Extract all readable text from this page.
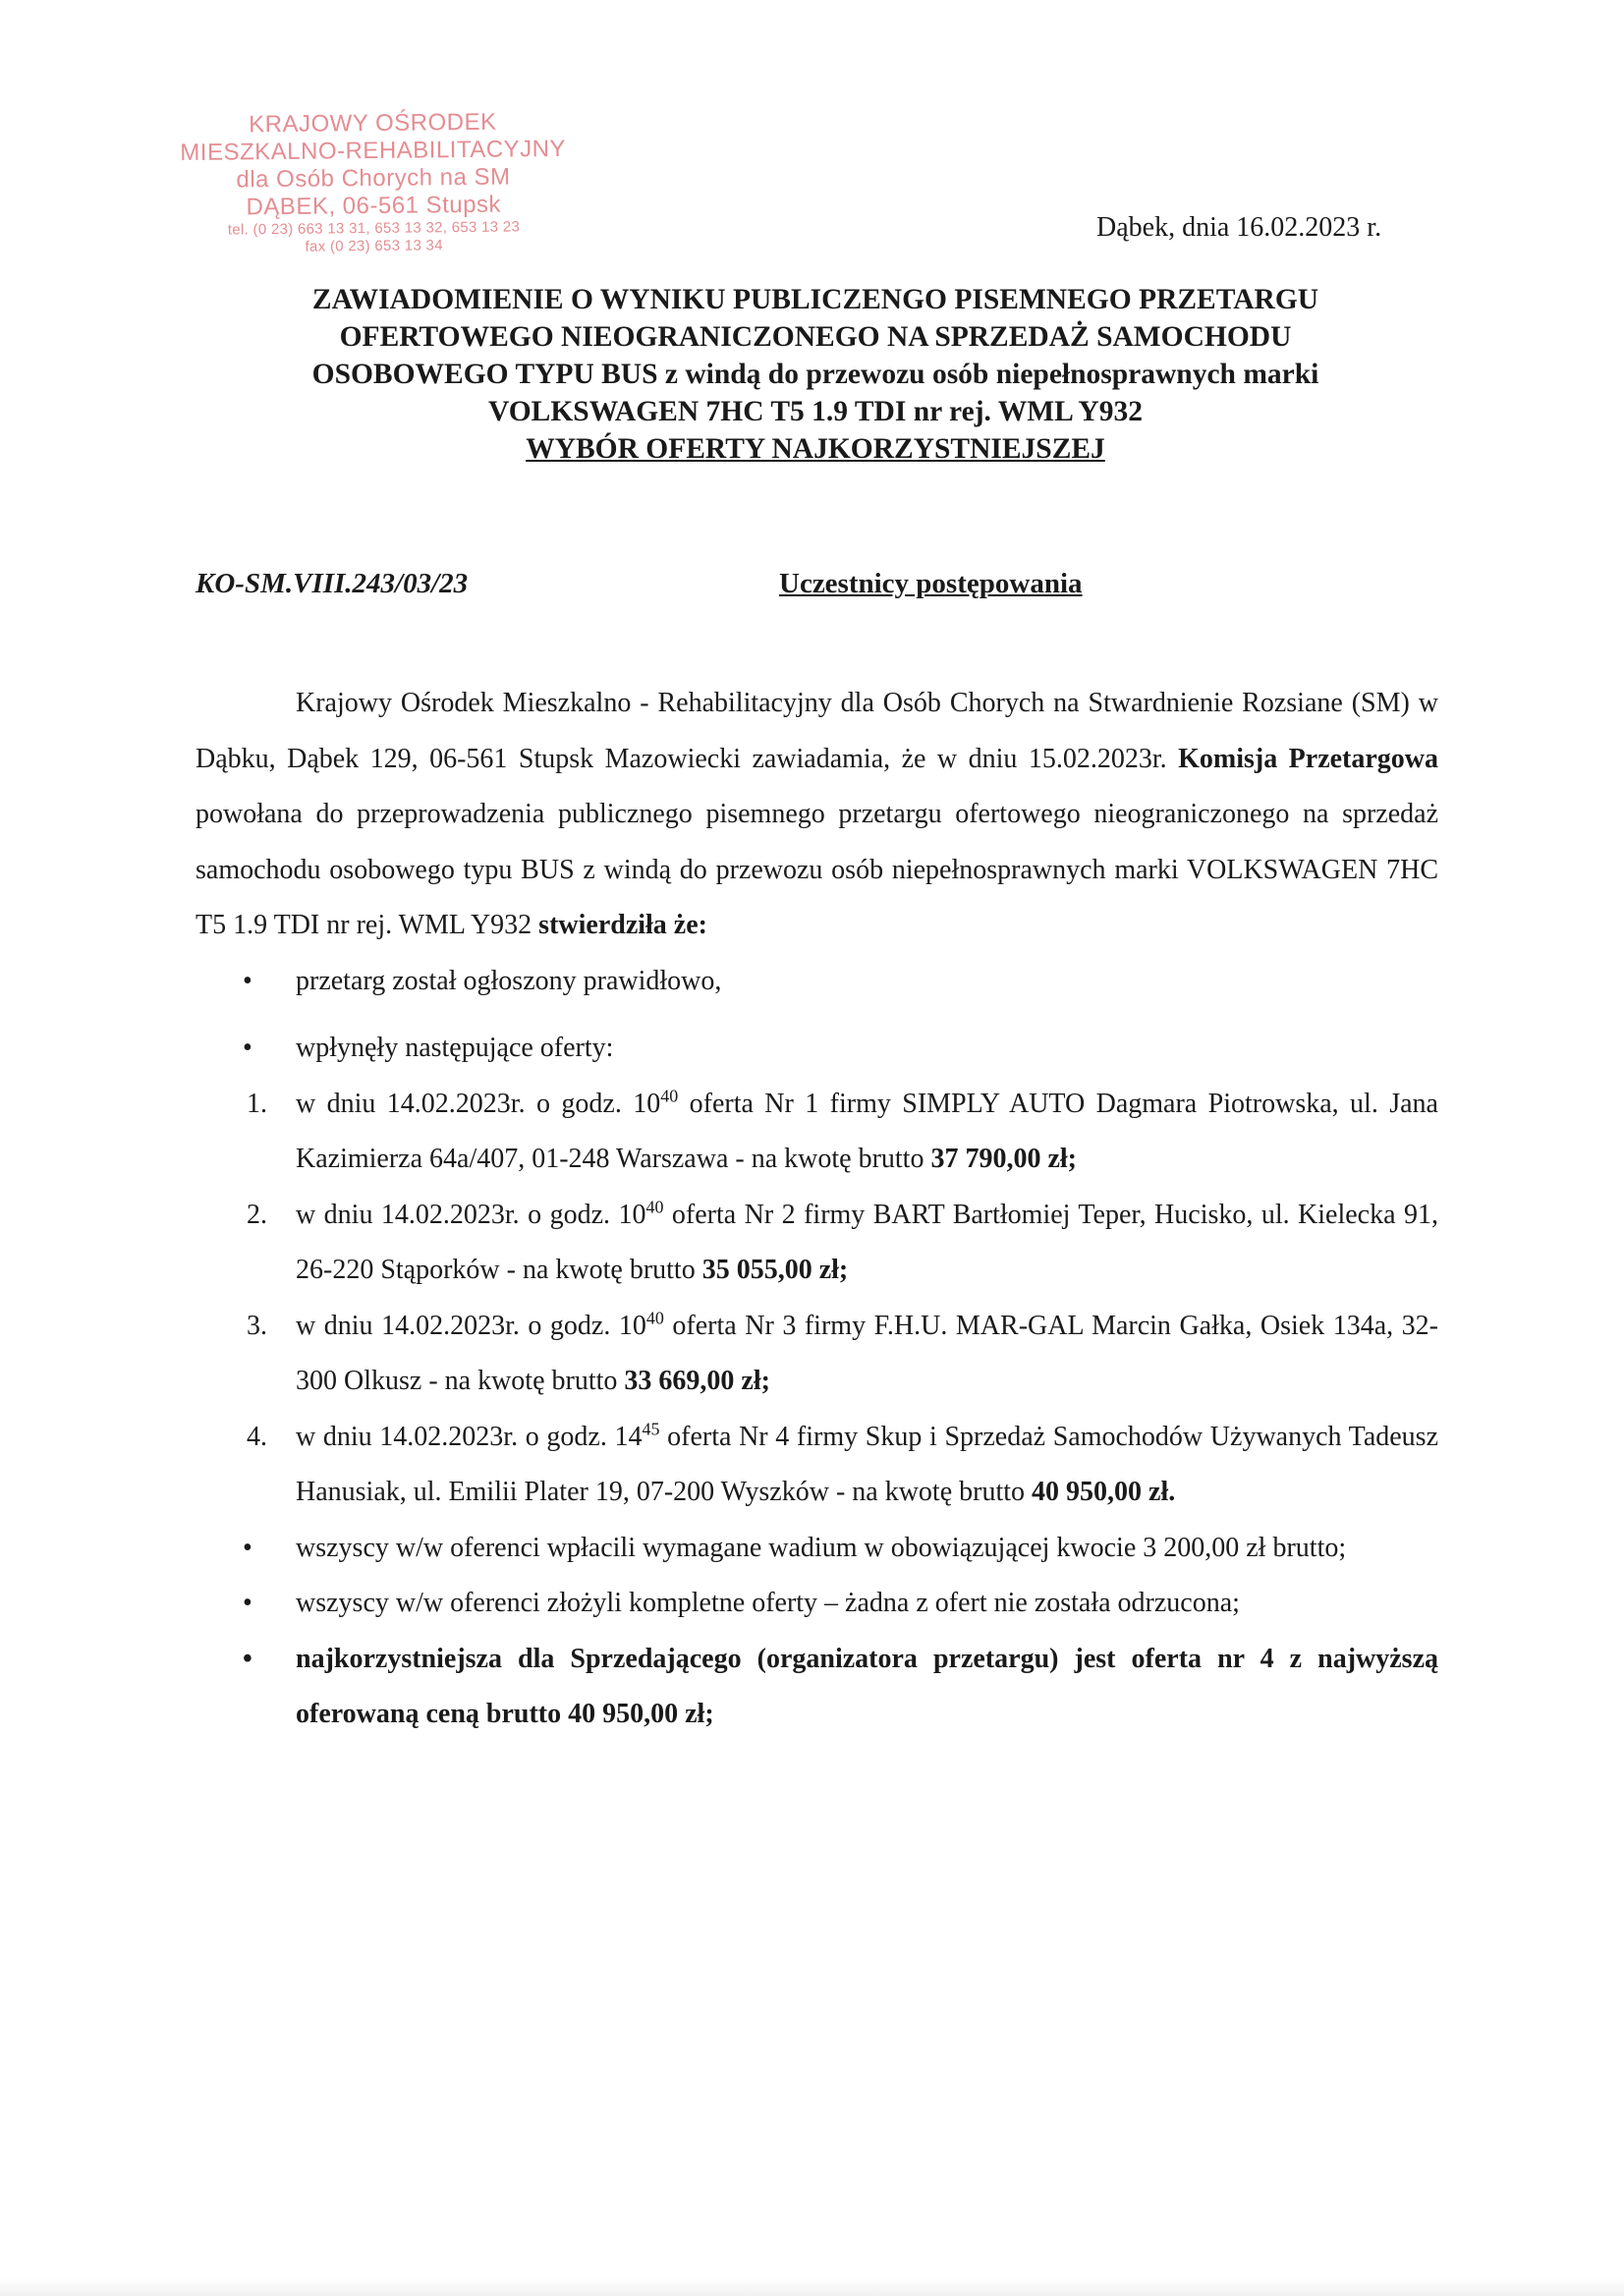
KRAJOWY OŚRODEK
MIESZKALNO-REHABILITACYJNY
dla Osób Chorych na SM
DĄBEK, 06-561 Stupsk
tel. (0 23) 663 13 31, 653 13 32, 653 13 23
fax (0 23) 653 13 34
Dąbek, dnia 16.02.2023 r.
ZAWIADOMIENIE O WYNIKU PUBLICZENGO PISEMNEGO PRZETARGU
OFERTOWEGO NIEOGRANICZONEGO NA SPRZEDAŻ SAMOCHODU
OSOBOWEGO TYPU BUS z windą do przewozu osób niepełnosprawnych marki
VOLKSWAGEN 7HC T5 1.9 TDI nr rej. WML Y932
WYBÓR OFERTY NAJKORZYSTNIEJSZEJ
KO-SM.VIII.243/03/23	Uczestnicy postępowania

Krajowy Ośrodek Mieszkalno - Rehabilitacyjny dla Osób Chorych na Stwardnienie Rozsiane (SM) w Dąbku, Dąbek 129, 06-561 Stupsk Mazowiecki zawiadamia, że w dniu 15.02.2023r. Komisja Przetargowa powołana do przeprowadzenia publicznego pisemnego przetargu ofertowego nieograniczonego na sprzedaż samochodu osobowego typu BUS z windą do przewozu osób niepełnosprawnych marki VOLKSWAGEN 7HC T5 1.9 TDI nr rej. WML Y932 stwierdziła że:

• przetarg został ogłoszony prawidłowo,
• wpłynęły następujące oferty:
1. w dniu 14.02.2023r. o godz. $10^{40}$ oferta Nr 1 firmy SIMPLY AUTO Dagmara Piotrowska, ul. Jana Kazimierza 64a/407, 01-248 Warszawa - na kwotę brutto 37 790,00 zł;
2. w dniu 14.02.2023r. o godz. $10^{40}$ oferta Nr 2 firmy BART Bartłomiej Teper, Hucisko, ul. Kielecka 91, 26-220 Stąporków - na kwotę brutto 35 055,00 zł;
3. w dniu 14.02.2023r. o godz. $10^{40}$ oferta Nr 3 firmy F.H.U. MAR-GAL Marcin Gałka, Osiek 134a, 32-300 Olkusz - na kwotę brutto 33 669,00 zł;
4. w dniu 14.02.2023r. o godz. $14^{45}$ oferta Nr 4 firmy Skup i Sprzedaż Samochodów Używanych Tadeusz Hanusiak, ul. Emilii Plater 19, 07-200 Wyszków - na kwotę brutto 40 950,00 zł.
• wszyscy w/w oferenci wpłacili wymagane wadium w obowiązującej kwocie 3 200,00 zł brutto;
• wszyscy w/w oferenci złożyli kompletne oferty – żadna z ofert nie została odrzucona;
• najkorzystniejsza dla Sprzedającego (organizatora przetargu) jest oferta nr 4 z najwyższą oferowaną ceną brutto 40 950,00 zł;
